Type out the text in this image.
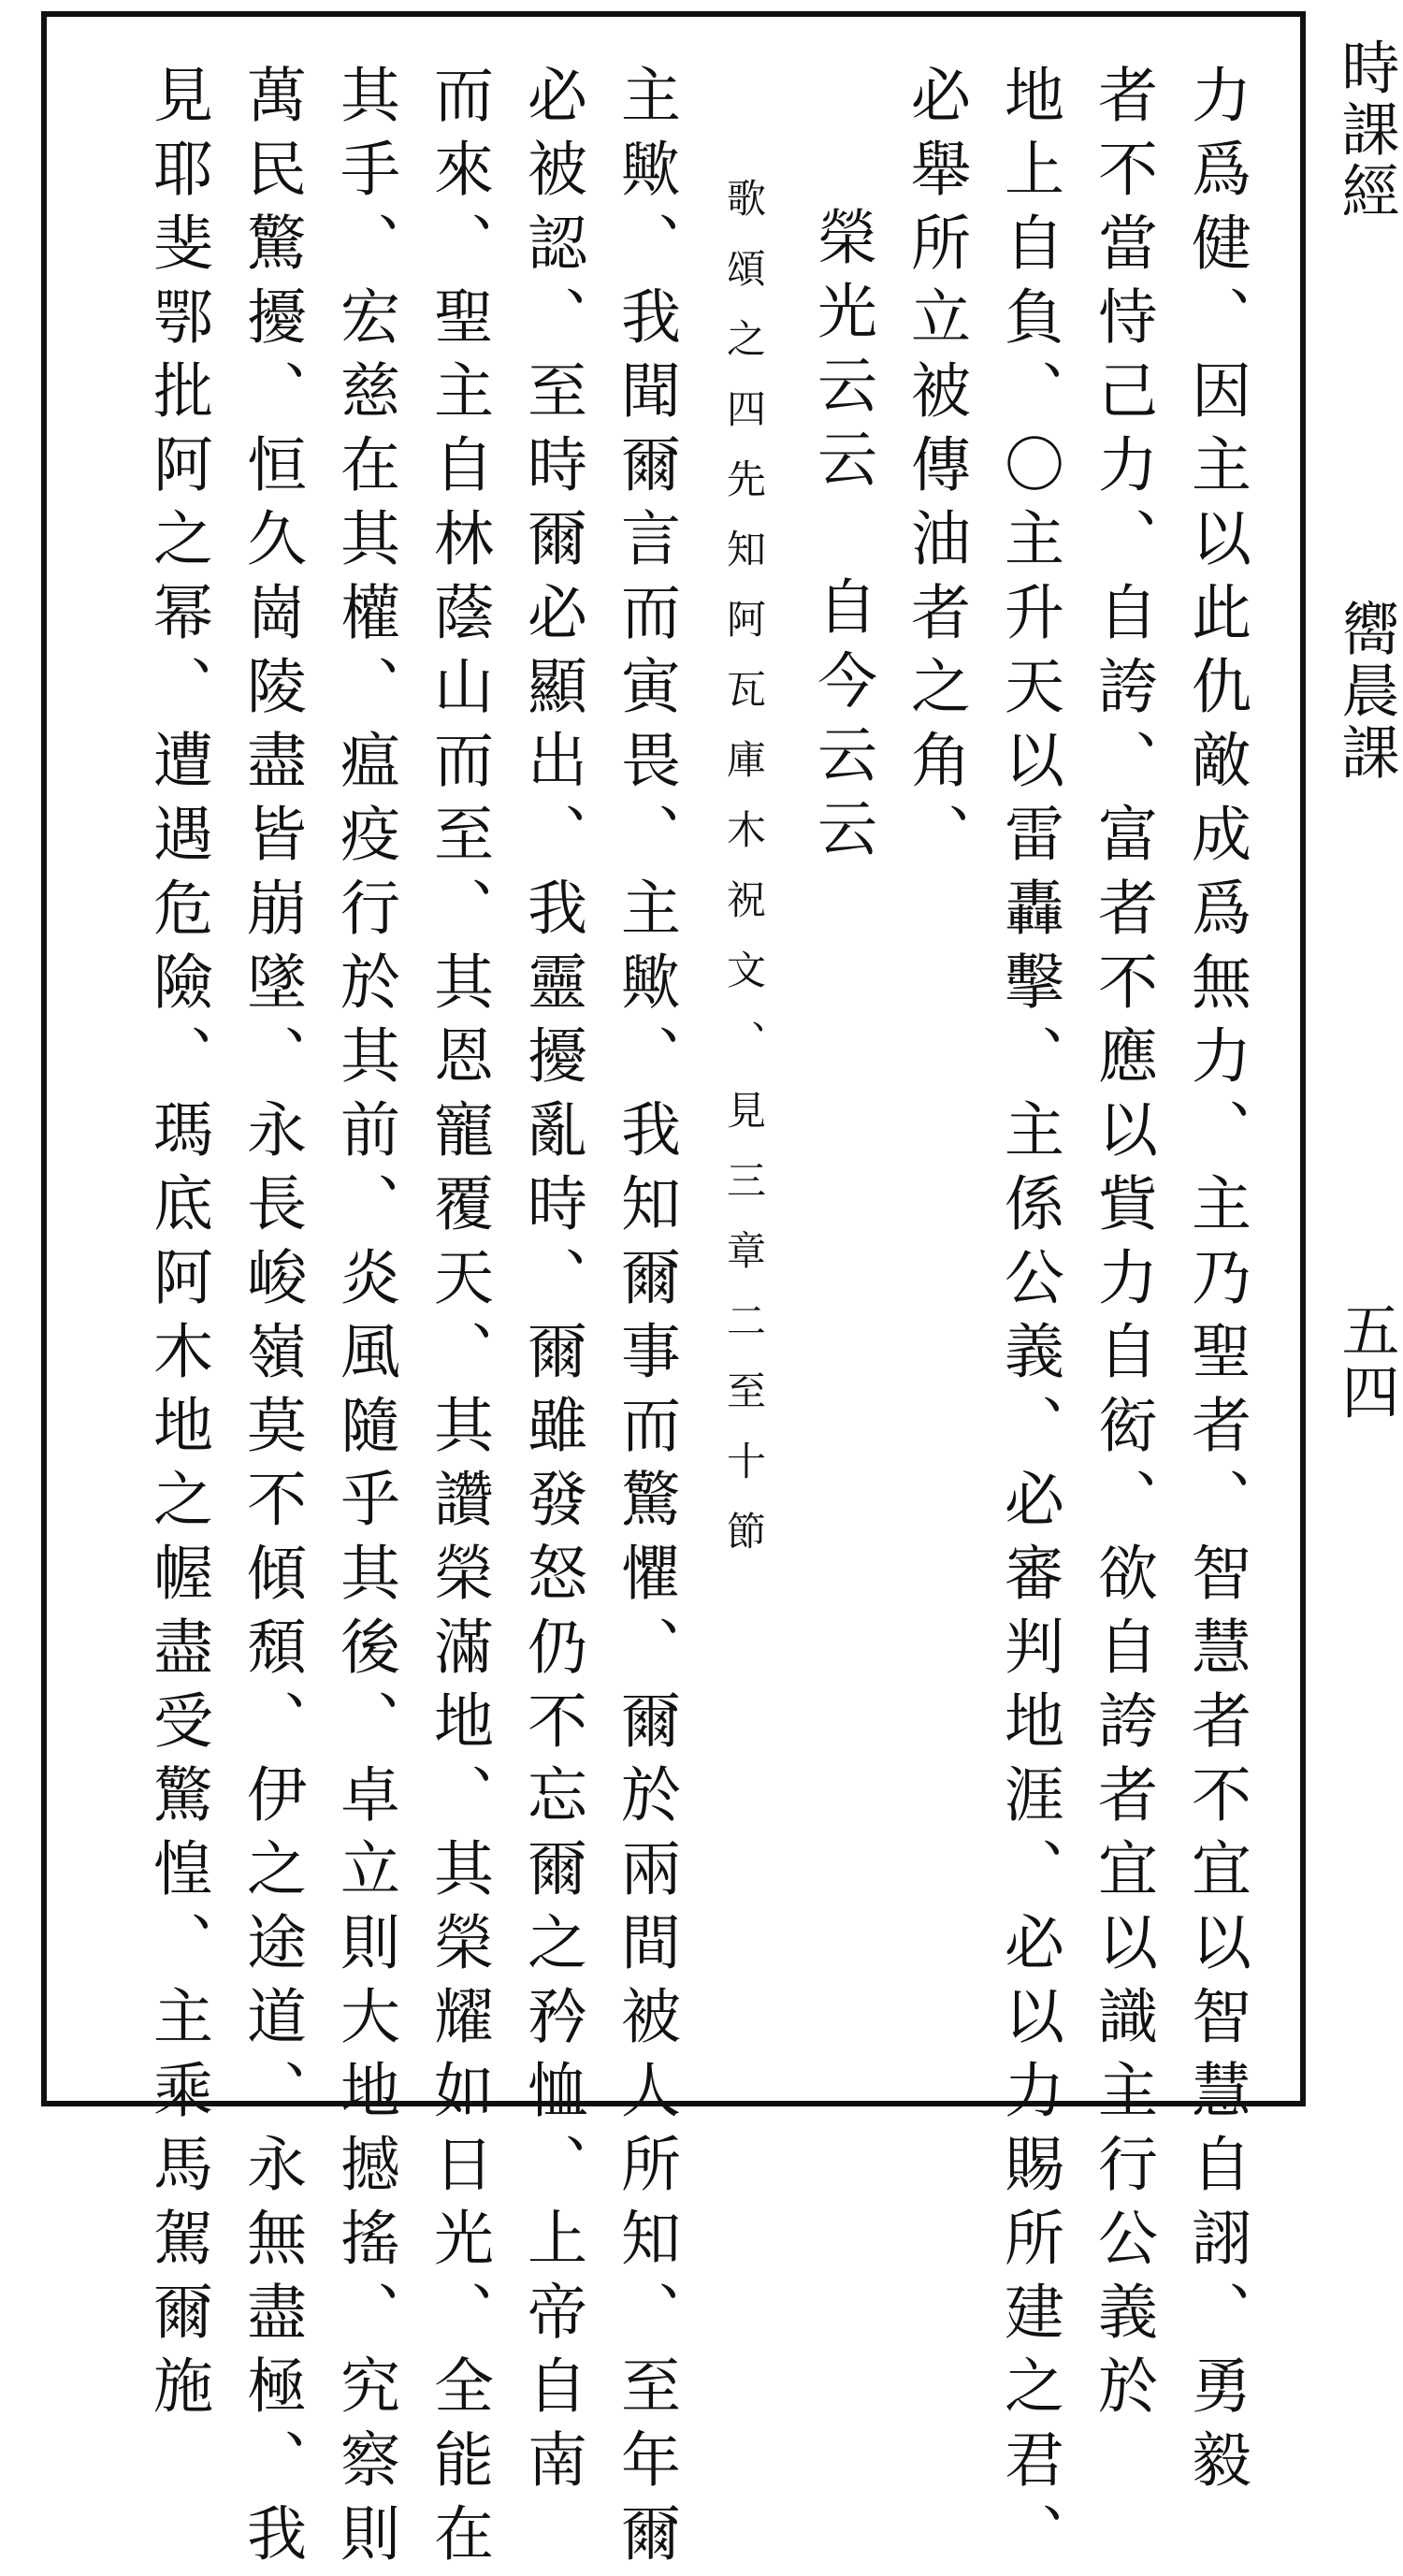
時課經
嚮晨課
五四
力爲健、因主以此仇敵成爲無力、主乃聖者、智慧者不宜以智慧自詡、勇毅
者不當恃己力、自誇、富者不應以貲力自衒、欲自誇者宜以識主行公義於
地上自負、〇主升天以雷轟擊、主係公義、必審判地涯、必以力賜所建之君、
必舉所立被傳油者之角、
榮光云云　自今云云
歌頌之四先知阿瓦庫木祝文、見三章二至十節
主歟、我聞爾言而寅畏、主歟、我知爾事而驚懼、爾於兩間被人所知、至年爾
必被認、至時爾必顯出、我靈擾亂時、爾雖發怒仍不忘爾之矜恤、上帝自南
而來、聖主自林蔭山而至、其恩寵覆天、其讚榮滿地、其榮耀如日光、全能在
其手、宏慈在其權、瘟疫行於其前、炎風隨乎其後、卓立則大地撼搖、究察則
萬民驚擾、恒久崗陵盡皆崩墜、永長峻嶺莫不傾頹、伊之途道、永無盡極、我
見耶斐鄂批阿之幂、遭遇危險、瑪底阿木地之幄盡受驚惶、主乘馬駕爾施
